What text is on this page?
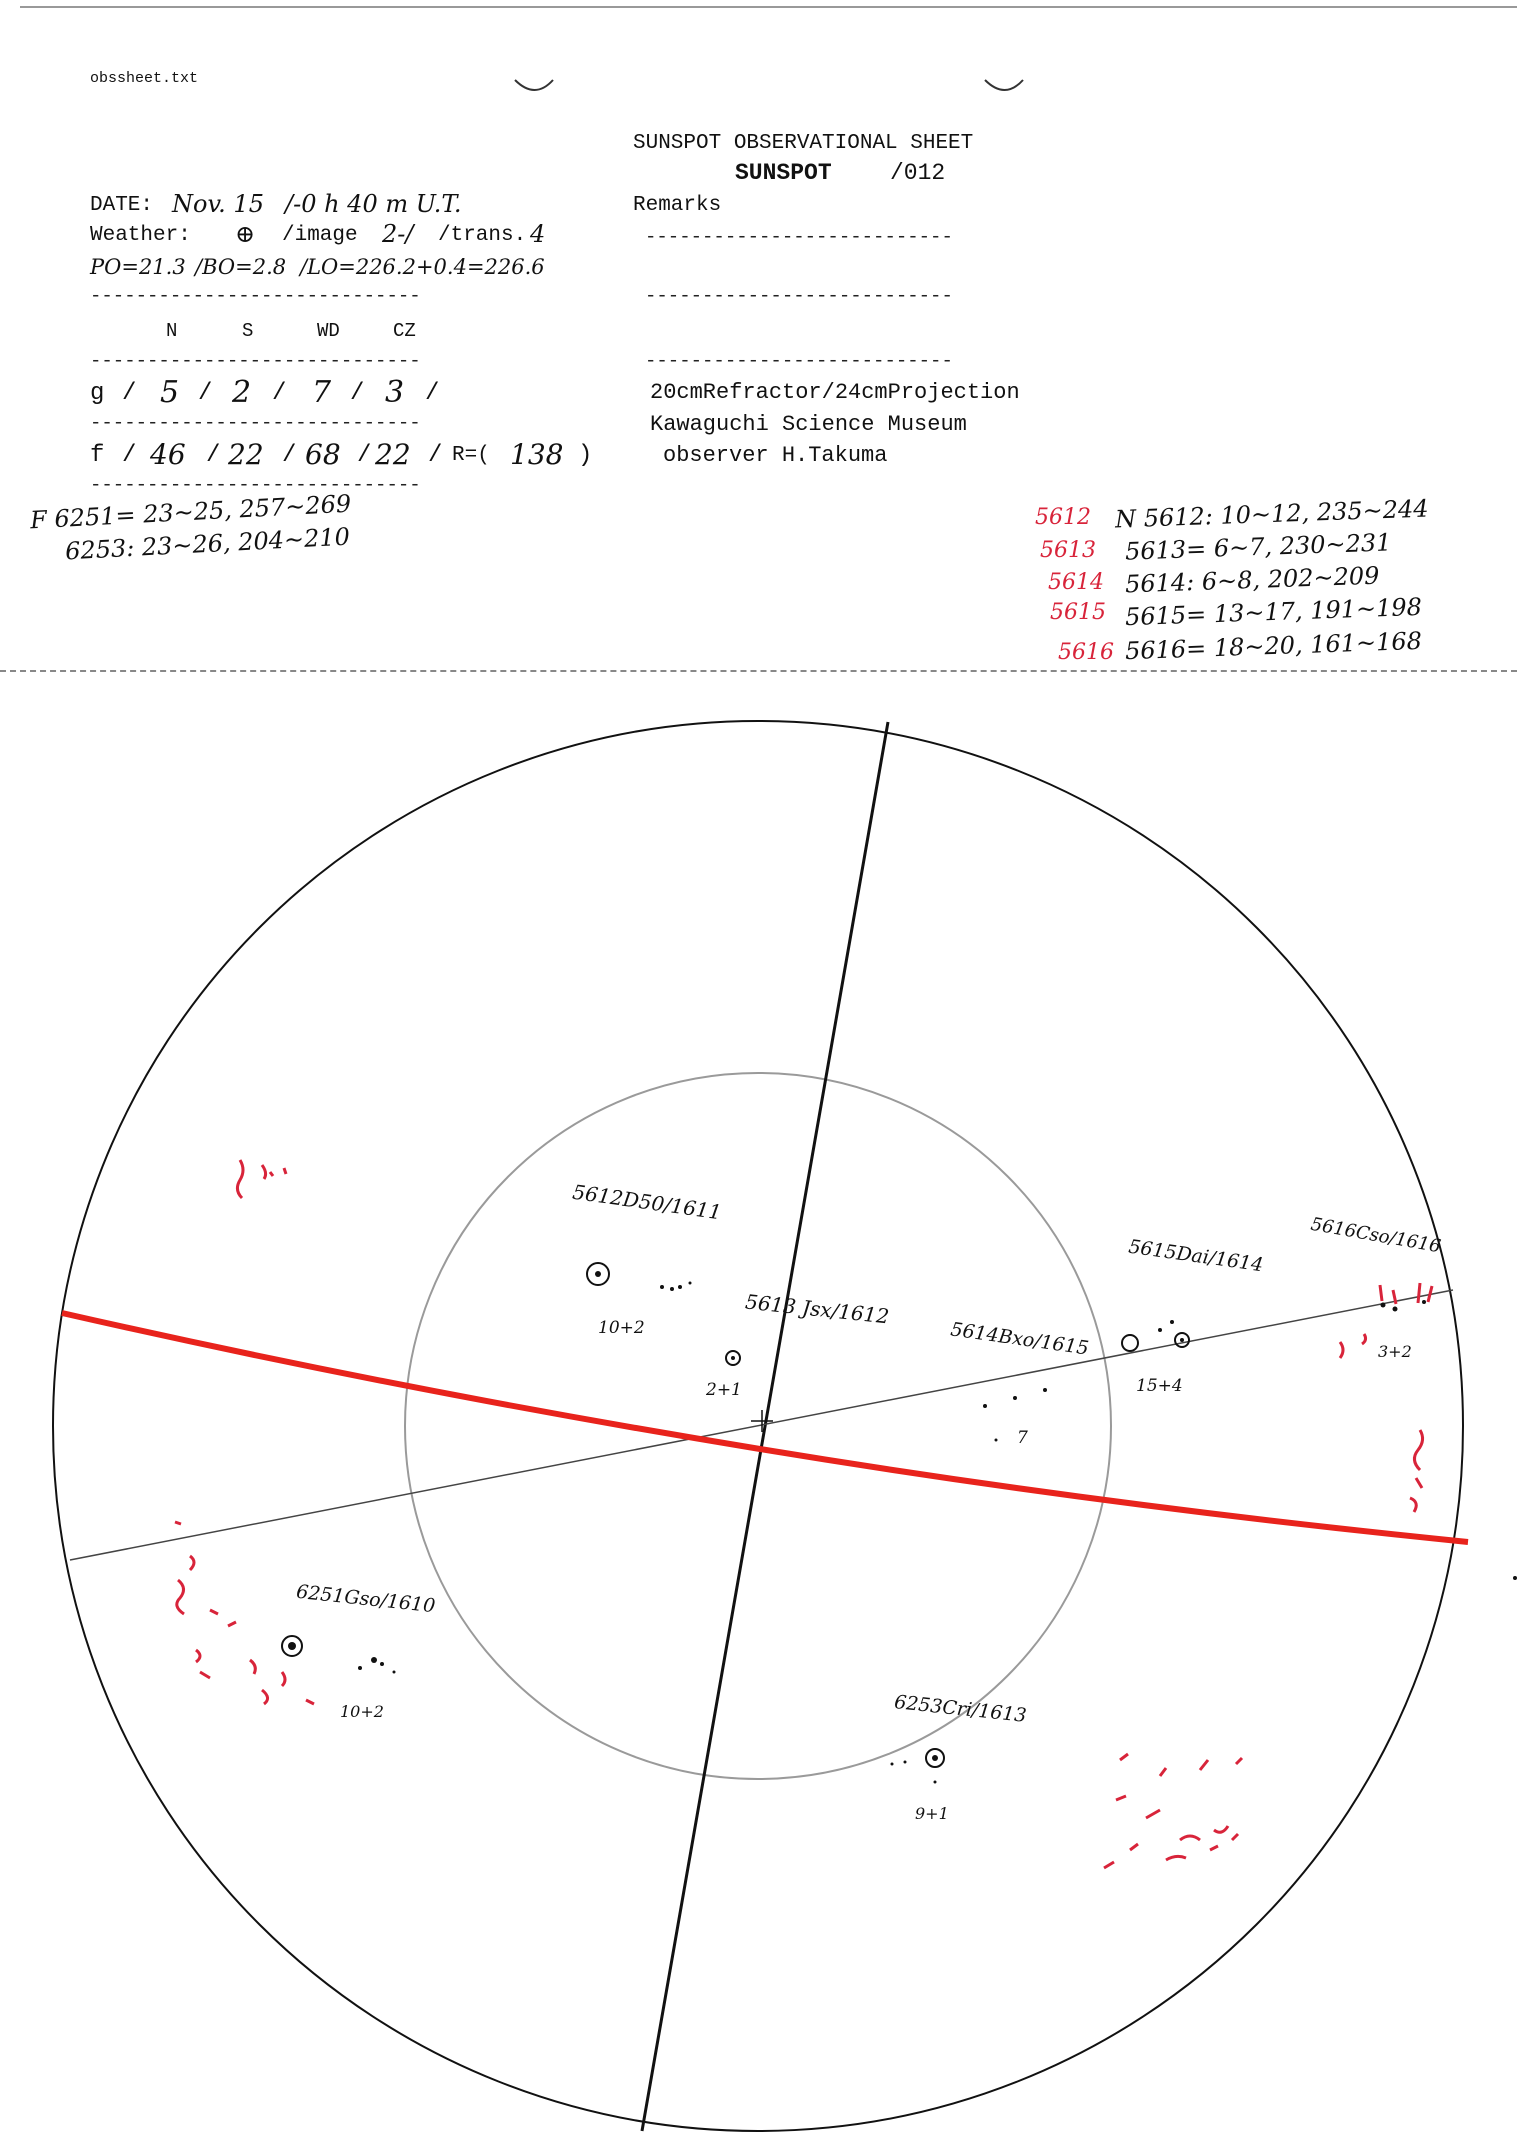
obssheet.txt
SUNSPOT OBSERVATIONAL SHEET
SUNSPOT	/012
DATE: Nov. 15 /-0 h 40 m U.T.	Remarks
Weather: ⊕ /image 2-/ /trans. 4	---------------------------
PO=21.3 /BO=2.8 /LO=226.2+0.4=226.6
-----------------------------	---------------------------
N	S	WD	CZ
-----------------------------	---------------------------
g / 5 / 2 / 7 / 3 /	20cmRefractor/24cmProjection
-----------------------------	Kawaguchi Science Museum
f / 46 / 22 / 68 / 22 / R=( 138 )	observer H.Takuma
-----------------------------
F 6251= 23~25, 257~269
6253: 23~26, 204~210
5612
5613
5614
5615
5616
N 5612: 10~12, 235~244
5613= 6~7, 230~231
5614: 6~8, 202~209
5615= 13~17, 191~198
5616= 18~20, 161~168
5612D50/1611
10+2	5613 Jsx/1612
2+1
5614Bxo/1615
7
5615Dai/1614
15+4
5616Cso/1616
3+2
6251Gso/1610
10+2	6253Cri/1613
9+1
